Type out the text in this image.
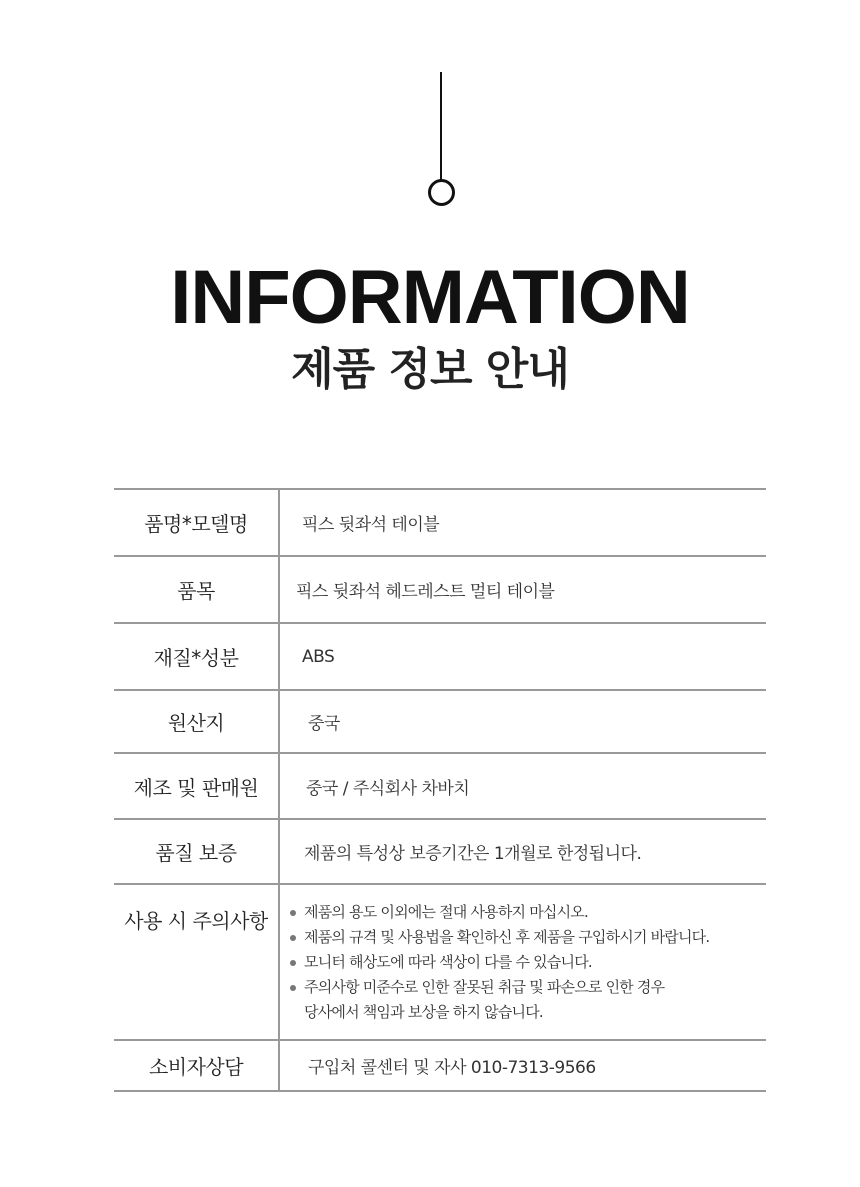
INFORMATION
제품 정보 안내
품명*모델명	픽스 뒷좌석 테이블
품목	픽스 뒷좌석 헤드레스트 멀티 테이블
재질*성분	ABS
원산지	중국
제조 및 판매원	중국 / 주식회사 차바치
품질 보증	제품의 특성상 보증기간은 1개월로 한정됩니다.
사용 시 주의사항	제품의 용도 이외에는 절대 사용하지 마십시오.
제품의 규격 및 사용법을 확인하신 후 제품을 구입하시기 바랍니다.
모니터 해상도에 따라 색상이 다를 수 있습니다.
주의사항 미준수로 인한 잘못된 취급 및 파손으로 인한 경우
당사에서 책임과 보상을 하지 않습니다.
소비자상담	구입처 콜센터 및 자사 010-7313-9566
